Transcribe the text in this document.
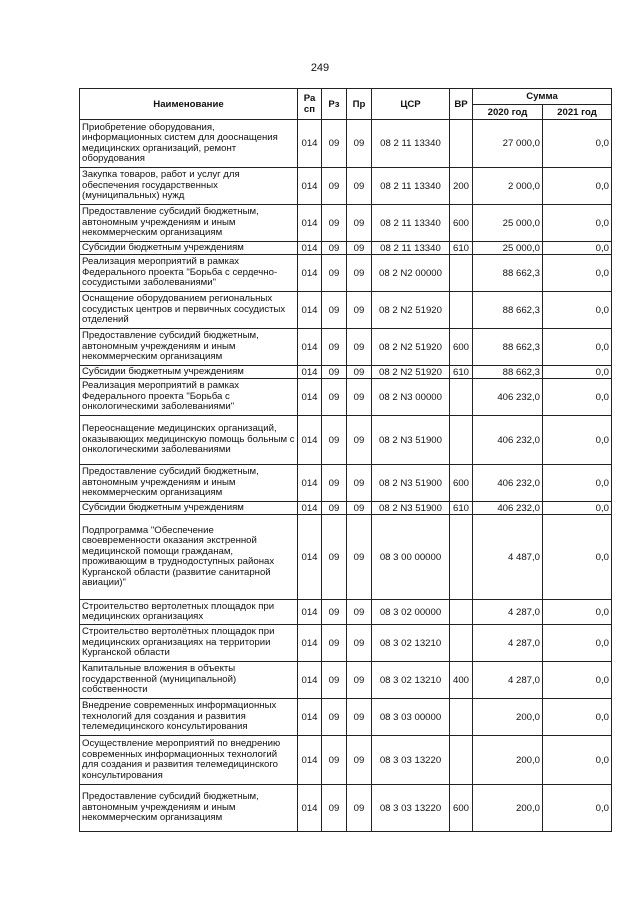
249
Наименование	Ра сп	Рз	Пр	ЦСР	ВР	Сумма	
						2020 год	2021 год
Приобретение оборудования, информационных систем для дооснащения медицинских организаций, ремонт оборудования	014	09	09	08 2 11 13340		27 000,0	0,0
Закупка товаров, работ и услуг для обеспечения государственных (муниципальных) нужд	014	09	09	08 2 11 13340	200	2 000,0	0,0
Предоставление субсидий бюджетным, автономным учреждениям и иным некоммерческим организациям	014	09	09	08 2 11 13340	600	25 000,0	0,0
Субсидии бюджетным учреждениям	014	09	09	08 2 11 13340	610	25 000,0	0,0
Реализация мероприятий в рамках Федерального проекта "Борьба с сердечно-сосудистыми заболеваниями"	014	09	09	08 2 N2 00000		88 662,3	0,0
Оснащение оборудованием региональных сосудистых центров и первичных сосудистых отделений	014	09	09	08 2 N2 51920		88 662,3	0,0
Предоставление субсидий бюджетным, автономным учреждениям и иным некоммерческим организациям	014	09	09	08 2 N2 51920	600	88 662,3	0,0
Субсидии бюджетным учреждениям	014	09	09	08 2 N2 51920	610	88 662,3	0,0
Реализация мероприятий в рамках Федерального проекта "Борьба с онкологическими заболеваниями"	014	09	09	08 2 N3 00000		406 232,0	0,0
Переоснащение медицинских организаций, оказывающих медицинскую помощь больным с онкологическими заболеваниями	014	09	09	08 2 N3 51900		406 232,0	0,0
Предоставление субсидий бюджетным, автономным учреждениям и иным некоммерческим организациям	014	09	09	08 2 N3 51900	600	406 232,0	0,0
Субсидии бюджетным учреждениям	014	09	09	08 2 N3 51900	610	406 232,0	0,0
Подпрограмма "Обеспечение своевременности оказания экстренной медицинской помощи гражданам, проживающим в труднодоступных районах Курганской области (развитие санитарной авиации)"	014	09	09	08 3 00 00000		4 487,0	0,0
Строительство вертолетных площадок при медицинских организациях	014	09	09	08 3 02 00000		4 287,0	0,0
Строительство вертолётных площадок при медицинских организациях на территории Курганской области	014	09	09	08 3 02 13210		4 287,0	0,0
Капитальные вложения в объекты государственной (муниципальной) собственности	014	09	09	08 3 02 13210	400	4 287,0	0,0
Внедрение современных информационных технологий для создания и развития телемедицинского консультирования	014	09	09	08 3 03 00000		200,0	0,0
Осуществление мероприятий по внедрению современных информационных технологий для создания и развития телемедицинского консультирования	014	09	09	08 3 03 13220		200,0	0,0
Предоставление субсидий бюджетным, автономным учреждениям и иным некоммерческим организациям	014	09	09	08 3 03 13220	600	200,0	0,0
